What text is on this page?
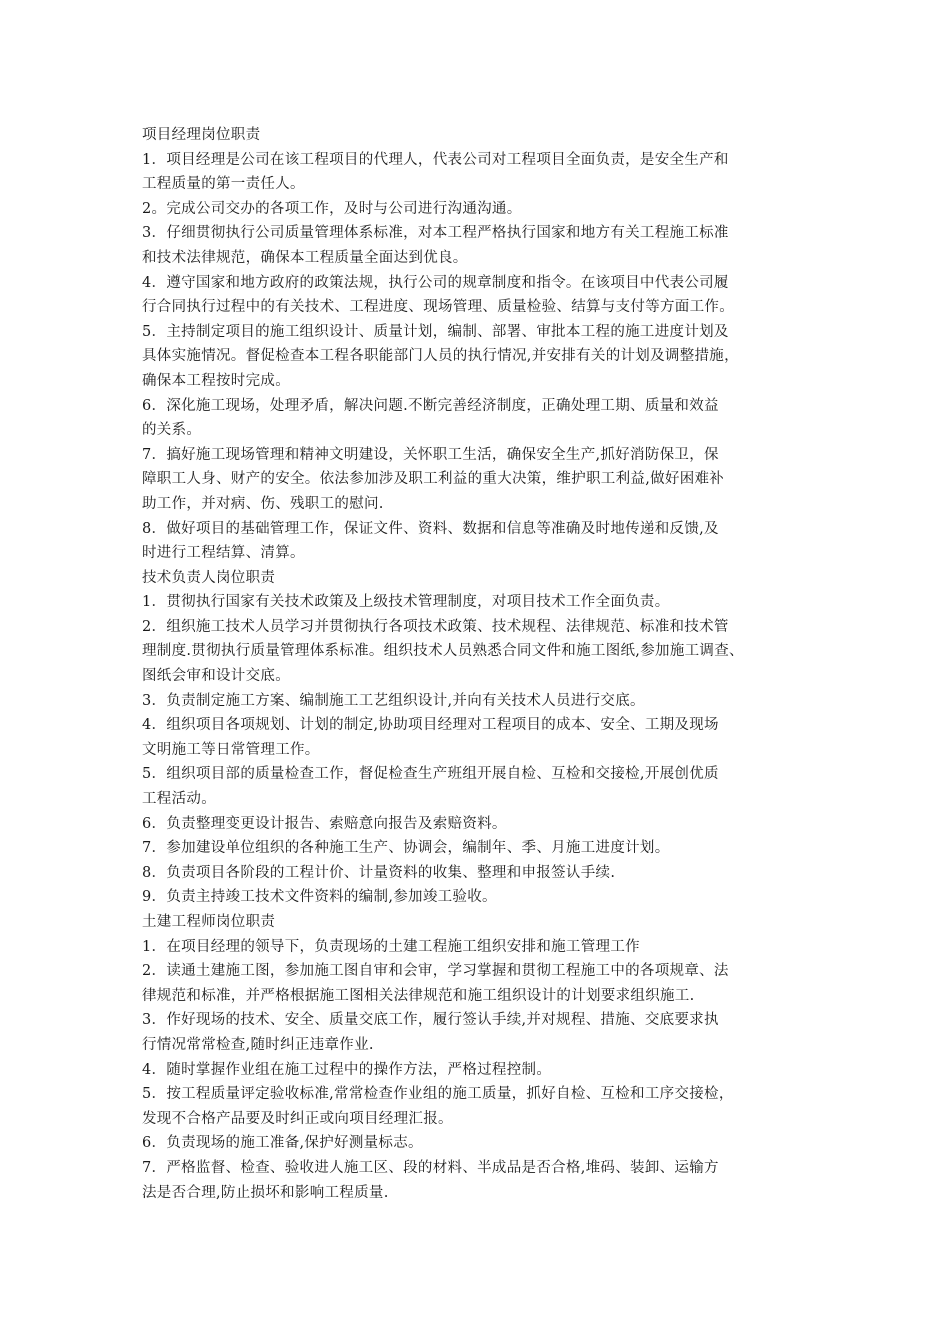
项目经理岗位职责
1．项目经理是公司在该工程项目的代理人，代表公司对工程项目全面负责，是安全生产和
工程质量的第一责任人。
2。完成公司交办的各项工作，及时与公司进行沟通沟通。
3．仔细贯彻执行公司质量管理体系标准，对本工程严格执行国家和地方有关工程施工标准
和技术法律规范，确保本工程质量全面达到优良。
4．遵守国家和地方政府的政策法规，执行公司的规章制度和指令。在该项目中代表公司履
行合同执行过程中的有关技术、工程进度、现场管理、质量检验、结算与支付等方面工作。
5．主持制定项目的施工组织设计、质量计划，编制、部署、审批本工程的施工进度计划及
具体实施情况。督促检查本工程各职能部门人员的执行情况,并安排有关的计划及调整措施，
确保本工程按时完成。
6．深化施工现场，处理矛盾，解决问题.不断完善经济制度，正确处理工期、质量和效益
的关系。
7．搞好施工现场管理和精神文明建设，关怀职工生活，确保安全生产,抓好消防保卫，保
障职工人身、财产的安全。依法参加涉及职工利益的重大决策，维护职工利益,做好困难补
助工作，并对病、伤、残职工的慰问.
8．做好项目的基础管理工作，保证文件、资料、数据和信息等准确及时地传递和反馈,及
时进行工程结算、清算。
技术负责人岗位职责
1．贯彻执行国家有关技术政策及上级技术管理制度，对项目技术工作全面负责。
2．组织施工技术人员学习并贯彻执行各项技术政策、技术规程、法律规范、标准和技术管
理制度.贯彻执行质量管理体系标准。组织技术人员熟悉合同文件和施工图纸,参加施工调查、
图纸会审和设计交底。
3．负责制定施工方案、编制施工工艺组织设计,并向有关技术人员进行交底。
4．组织项目各项规划、计划的制定,协助项目经理对工程项目的成本、安全、工期及现场
文明施工等日常管理工作。
5．组织项目部的质量检查工作，督促检查生产班组开展自检、互检和交接检,开展创优质
工程活动。
6．负责整理变更设计报告、索赔意向报告及索赔资料。
7．参加建设单位组织的各种施工生产、协调会，编制年、季、月施工进度计划。
8．负责项目各阶段的工程计价、计量资料的收集、整理和申报签认手续.
9．负责主持竣工技术文件资料的编制,参加竣工验收。
土建工程师岗位职责
1．在项目经理的领导下，负责现场的土建工程施工组织安排和施工管理工作
2．读通土建施工图，参加施工图自审和会审，学习掌握和贯彻工程施工中的各项规章、法
律规范和标准，并严格根据施工图相关法律规范和施工组织设计的计划要求组织施工.
3．作好现场的技术、安全、质量交底工作，履行签认手续,并对规程、措施、交底要求执
行情况常常检查,随时纠正违章作业.
4．随时掌握作业组在施工过程中的操作方法，严格过程控制。
5．按工程质量评定验收标准,常常检查作业组的施工质量，抓好自检、互检和工序交接检，
发现不合格产品要及时纠正或向项目经理汇报。
6．负责现场的施工准备,保护好测量标志。
7．严格监督、检查、验收进人施工区、段的材料、半成品是否合格,堆码、装卸、运输方
法是否合理,防止损坏和影响工程质量.
